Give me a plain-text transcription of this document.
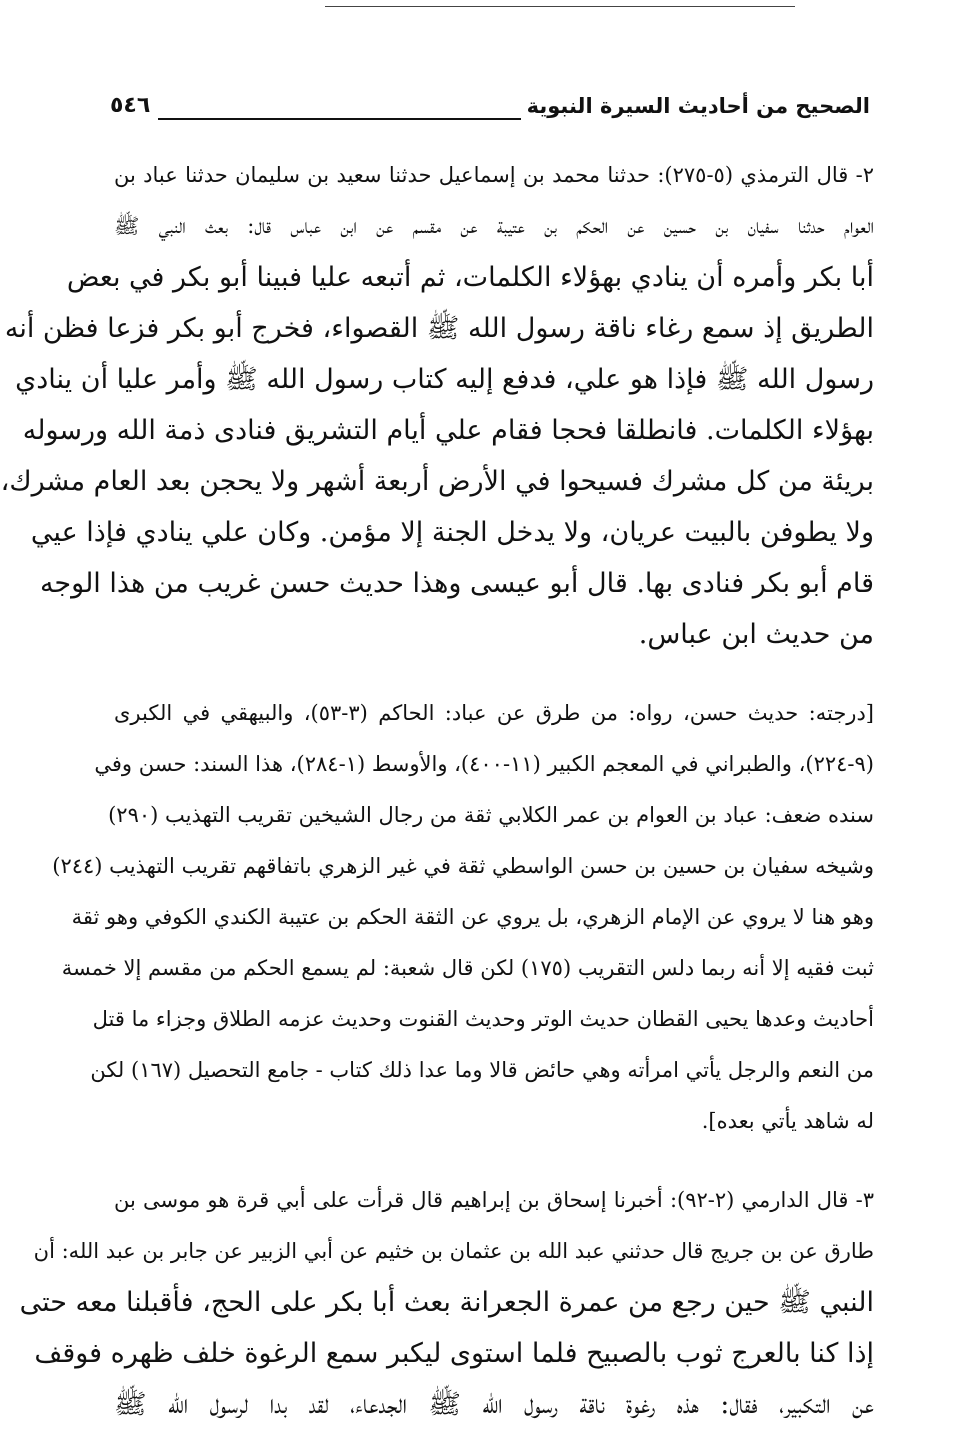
الصحيح من أحاديث السيرة النبوية
٥٤٦
٢- قال الترمذي (٥-٢٧٥): حدثنا محمد بن إسماعيل حدثنا سعيد بن سليمان حدثنا عباد بن
العوام حدثنا سفيان بن حسين عن الحكم بن عتيبة عن مقسم عن ابن عباس قال: بعث النبي ﷺ
أبا بكر وأمره أن ينادي بهؤلاء الكلمات، ثم أتبعه عليا فبينا أبو بكر في بعض
الطريق إذ سمع رغاء ناقة رسول الله ﷺ القصواء، فخرج أبو بكر فزعا فظن أنه
رسول الله ﷺ فإذا هو علي، فدفع إليه كتاب رسول الله ﷺ وأمر عليا أن ينادي
بهؤلاء الكلمات. فانطلقا فحجا فقام علي أيام التشريق فنادى ذمة الله ورسوله
بريئة من كل مشرك فسيحوا في الأرض أربعة أشهر ولا يحجن بعد العام مشرك،
ولا يطوفن بالبيت عريان، ولا يدخل الجنة إلا مؤمن. وكان علي ينادي فإذا عيي
قام أبو بكر فنادى بها. قال أبو عيسى وهذا حديث حسن غريب من هذا الوجه
من حديث ابن عباس.
[درجته: حديث حسن، رواه: من طرق عن عباد: الحاكم (٣-٥٣)، والبيهقي في الكبرى
(٩-٢٢٤)، والطبراني في المعجم الكبير (١١-٤٠٠)، والأوسط (١-٢٨٤)، هذا السند: حسن وفي
سنده ضعف: عباد بن العوام بن عمر الكلابي ثقة من رجال الشيخين تقريب التهذيب (٢٩٠)
وشيخه سفيان بن حسين بن حسن الواسطي ثقة في غير الزهري باتفاقهم تقريب التهذيب (٢٤٤)
وهو هنا لا يروي عن الإمام الزهري، بل يروي عن الثقة الحكم بن عتيبة الكندي الكوفي وهو ثقة
ثبت فقيه إلا أنه ربما دلس التقريب (١٧٥) لكن قال شعبة: لم يسمع الحكم من مقسم إلا خمسة
أحاديث وعدها يحيى القطان حديث الوتر وحديث القنوت وحديث عزمه الطلاق وجزاء ما قتل
من النعم والرجل يأتي امرأته وهي حائض قالا وما عدا ذلك كتاب - جامع التحصيل (١٦٧) لكن
له شاهد يأتي بعده].
٣- قال الدارمي (٢-٩٢): أخبرنا إسحاق بن إبراهيم قال قرأت على أبي قرة هو موسى بن
طارق عن بن جريج قال حدثني عبد الله بن عثمان بن خثيم عن أبي الزبير عن جابر بن عبد الله: أن
النبي ﷺ حين رجع من عمرة الجعرانة بعث أبا بكر على الحج، فأقبلنا معه حتى
إذا كنا بالعرج ثوب بالصبيح فلما استوى ليكبر سمع الرغوة خلف ظهره فوقف
عن التكبير، فقال: هذه رغوة ناقة رسول الله ﷺ الجدعاء، لقد بدا لرسول الله ﷺ
